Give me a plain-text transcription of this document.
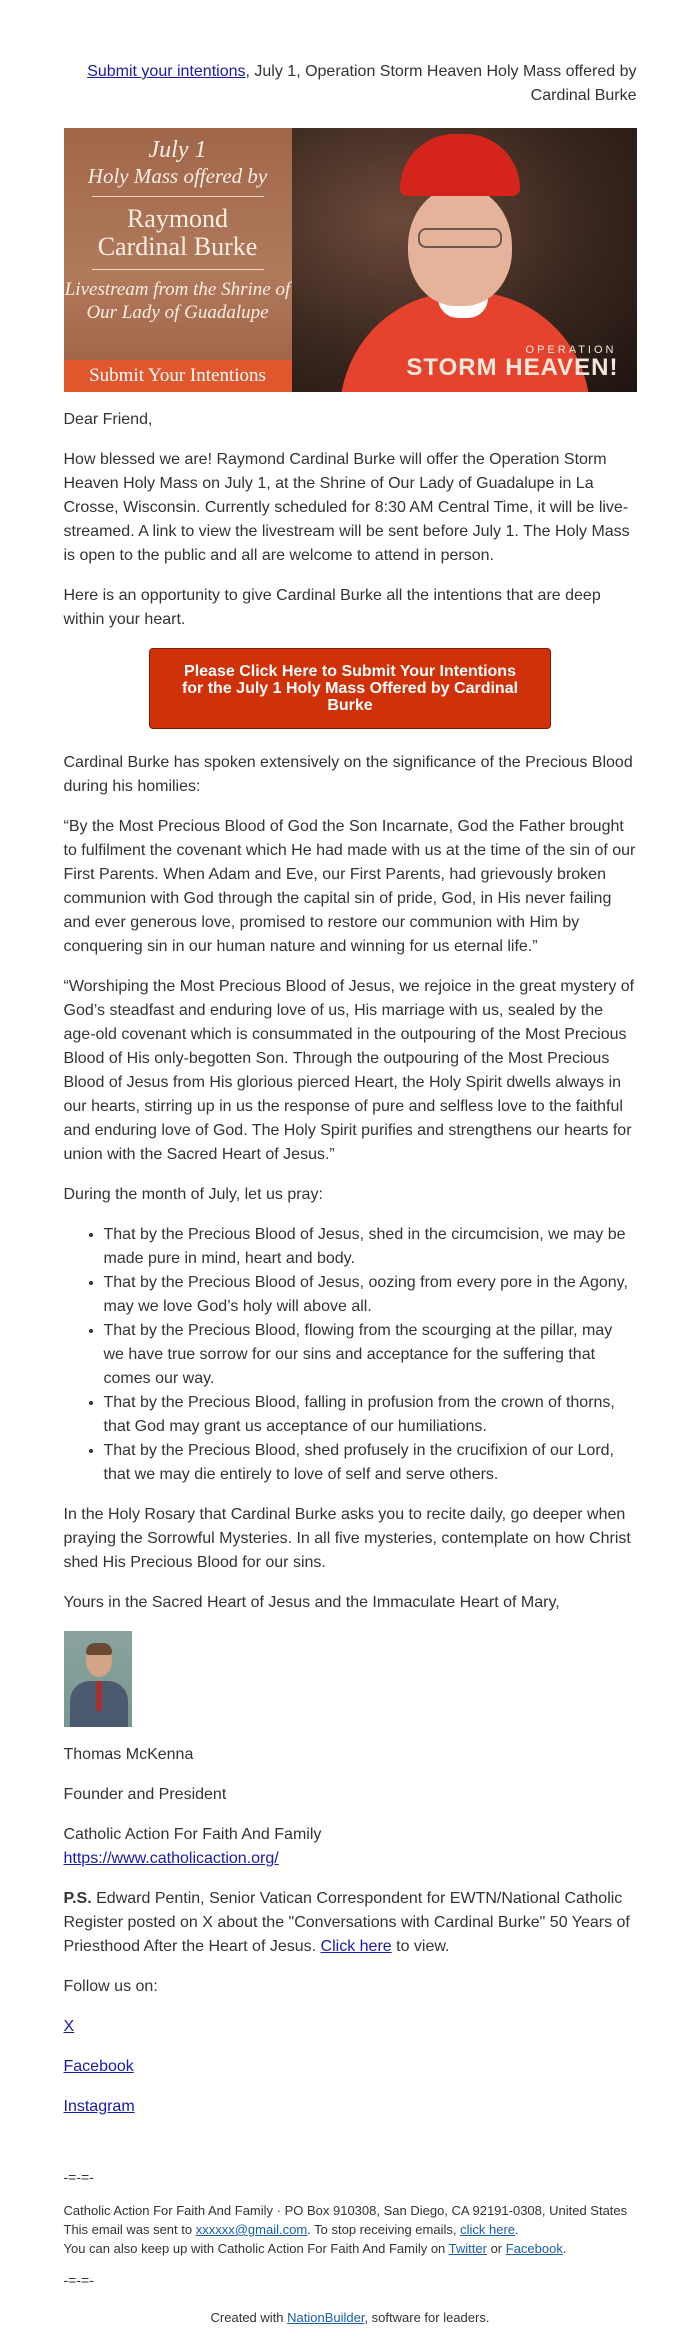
Submit your intentions, July 1, Operation Storm Heaven Holy Mass offered by Cardinal Burke

July 1
Holy Mass offered by
Raymond
Cardinal Burke
Livestream from the Shrine of Our Lady of Guadalupe
Submit Your Intentions
OPERATION
STORM HEAVEN!

Dear Friend,

How blessed we are! Raymond Cardinal Burke will offer the Operation Storm Heaven Holy Mass on July 1, at the Shrine of Our Lady of Guadalupe in La Crosse, Wisconsin. Currently scheduled for 8:30 AM Central Time, it will be live-streamed. A link to view the livestream will be sent before July 1. The Holy Mass is open to the public and all are welcome to attend in person.

Here is an opportunity to give Cardinal Burke all the intentions that are deep within your heart.

Please Click Here to Submit Your Intentions for the July 1 Holy Mass Offered by Cardinal Burke

Cardinal Burke has spoken extensively on the significance of the Precious Blood during his homilies:

“By the Most Precious Blood of God the Son Incarnate, God the Father brought to fulfilment the covenant which He had made with us at the time of the sin of our First Parents. When Adam and Eve, our First Parents, had grievously broken communion with God through the capital sin of pride, God, in His never failing and ever generous love, promised to restore our communion with Him by conquering sin in our human nature and winning for us eternal life.”

“Worshiping the Most Precious Blood of Jesus, we rejoice in the great mystery of God’s steadfast and enduring love of us, His marriage with us, sealed by the age-old covenant which is consummated in the outpouring of the Most Precious Blood of His only-begotten Son. Through the outpouring of the Most Precious Blood of Jesus from His glorious pierced Heart, the Holy Spirit dwells always in our hearts, stirring up in us the response of pure and selfless love to the faithful and enduring love of God. The Holy Spirit purifies and strengthens our hearts for union with the Sacred Heart of Jesus.”

During the month of July, let us pray:

• That by the Precious Blood of Jesus, shed in the circumcision, we may be made pure in mind, heart and body.
• That by the Precious Blood of Jesus, oozing from every pore in the Agony, may we love God’s holy will above all.
• That by the Precious Blood, flowing from the scourging at the pillar, may we have true sorrow for our sins and acceptance for the suffering that comes our way.
• That by the Precious Blood, falling in profusion from the crown of thorns, that God may grant us acceptance of our humiliations.
• That by the Precious Blood, shed profusely in the crucifixion of our Lord, that we may die entirely to love of self and serve others.

In the Holy Rosary that Cardinal Burke asks you to recite daily, go deeper when praying the Sorrowful Mysteries. In all five mysteries, contemplate on how Christ shed His Precious Blood for our sins.

Yours in the Sacred Heart of Jesus and the Immaculate Heart of Mary,

Thomas McKenna

Founder and President

Catholic Action For Faith And Family
https://www.catholicaction.org/

P.S. Edward Pentin, Senior Vatican Correspondent for EWTN/National Catholic Register posted on X about the "Conversations with Cardinal Burke" 50 Years of Priesthood After the Heart of Jesus. Click here to view.

Follow us on:

X

Facebook

Instagram

-=-=-
Catholic Action For Faith And Family · PO Box 910308, San Diego, CA 92191-0308, United States
This email was sent to xxxxxx@gmail.com. To stop receiving emails, click here.
You can also keep up with Catholic Action For Faith And Family on Twitter or Facebook.
-=-=-
Created with NationBuilder, software for leaders.
